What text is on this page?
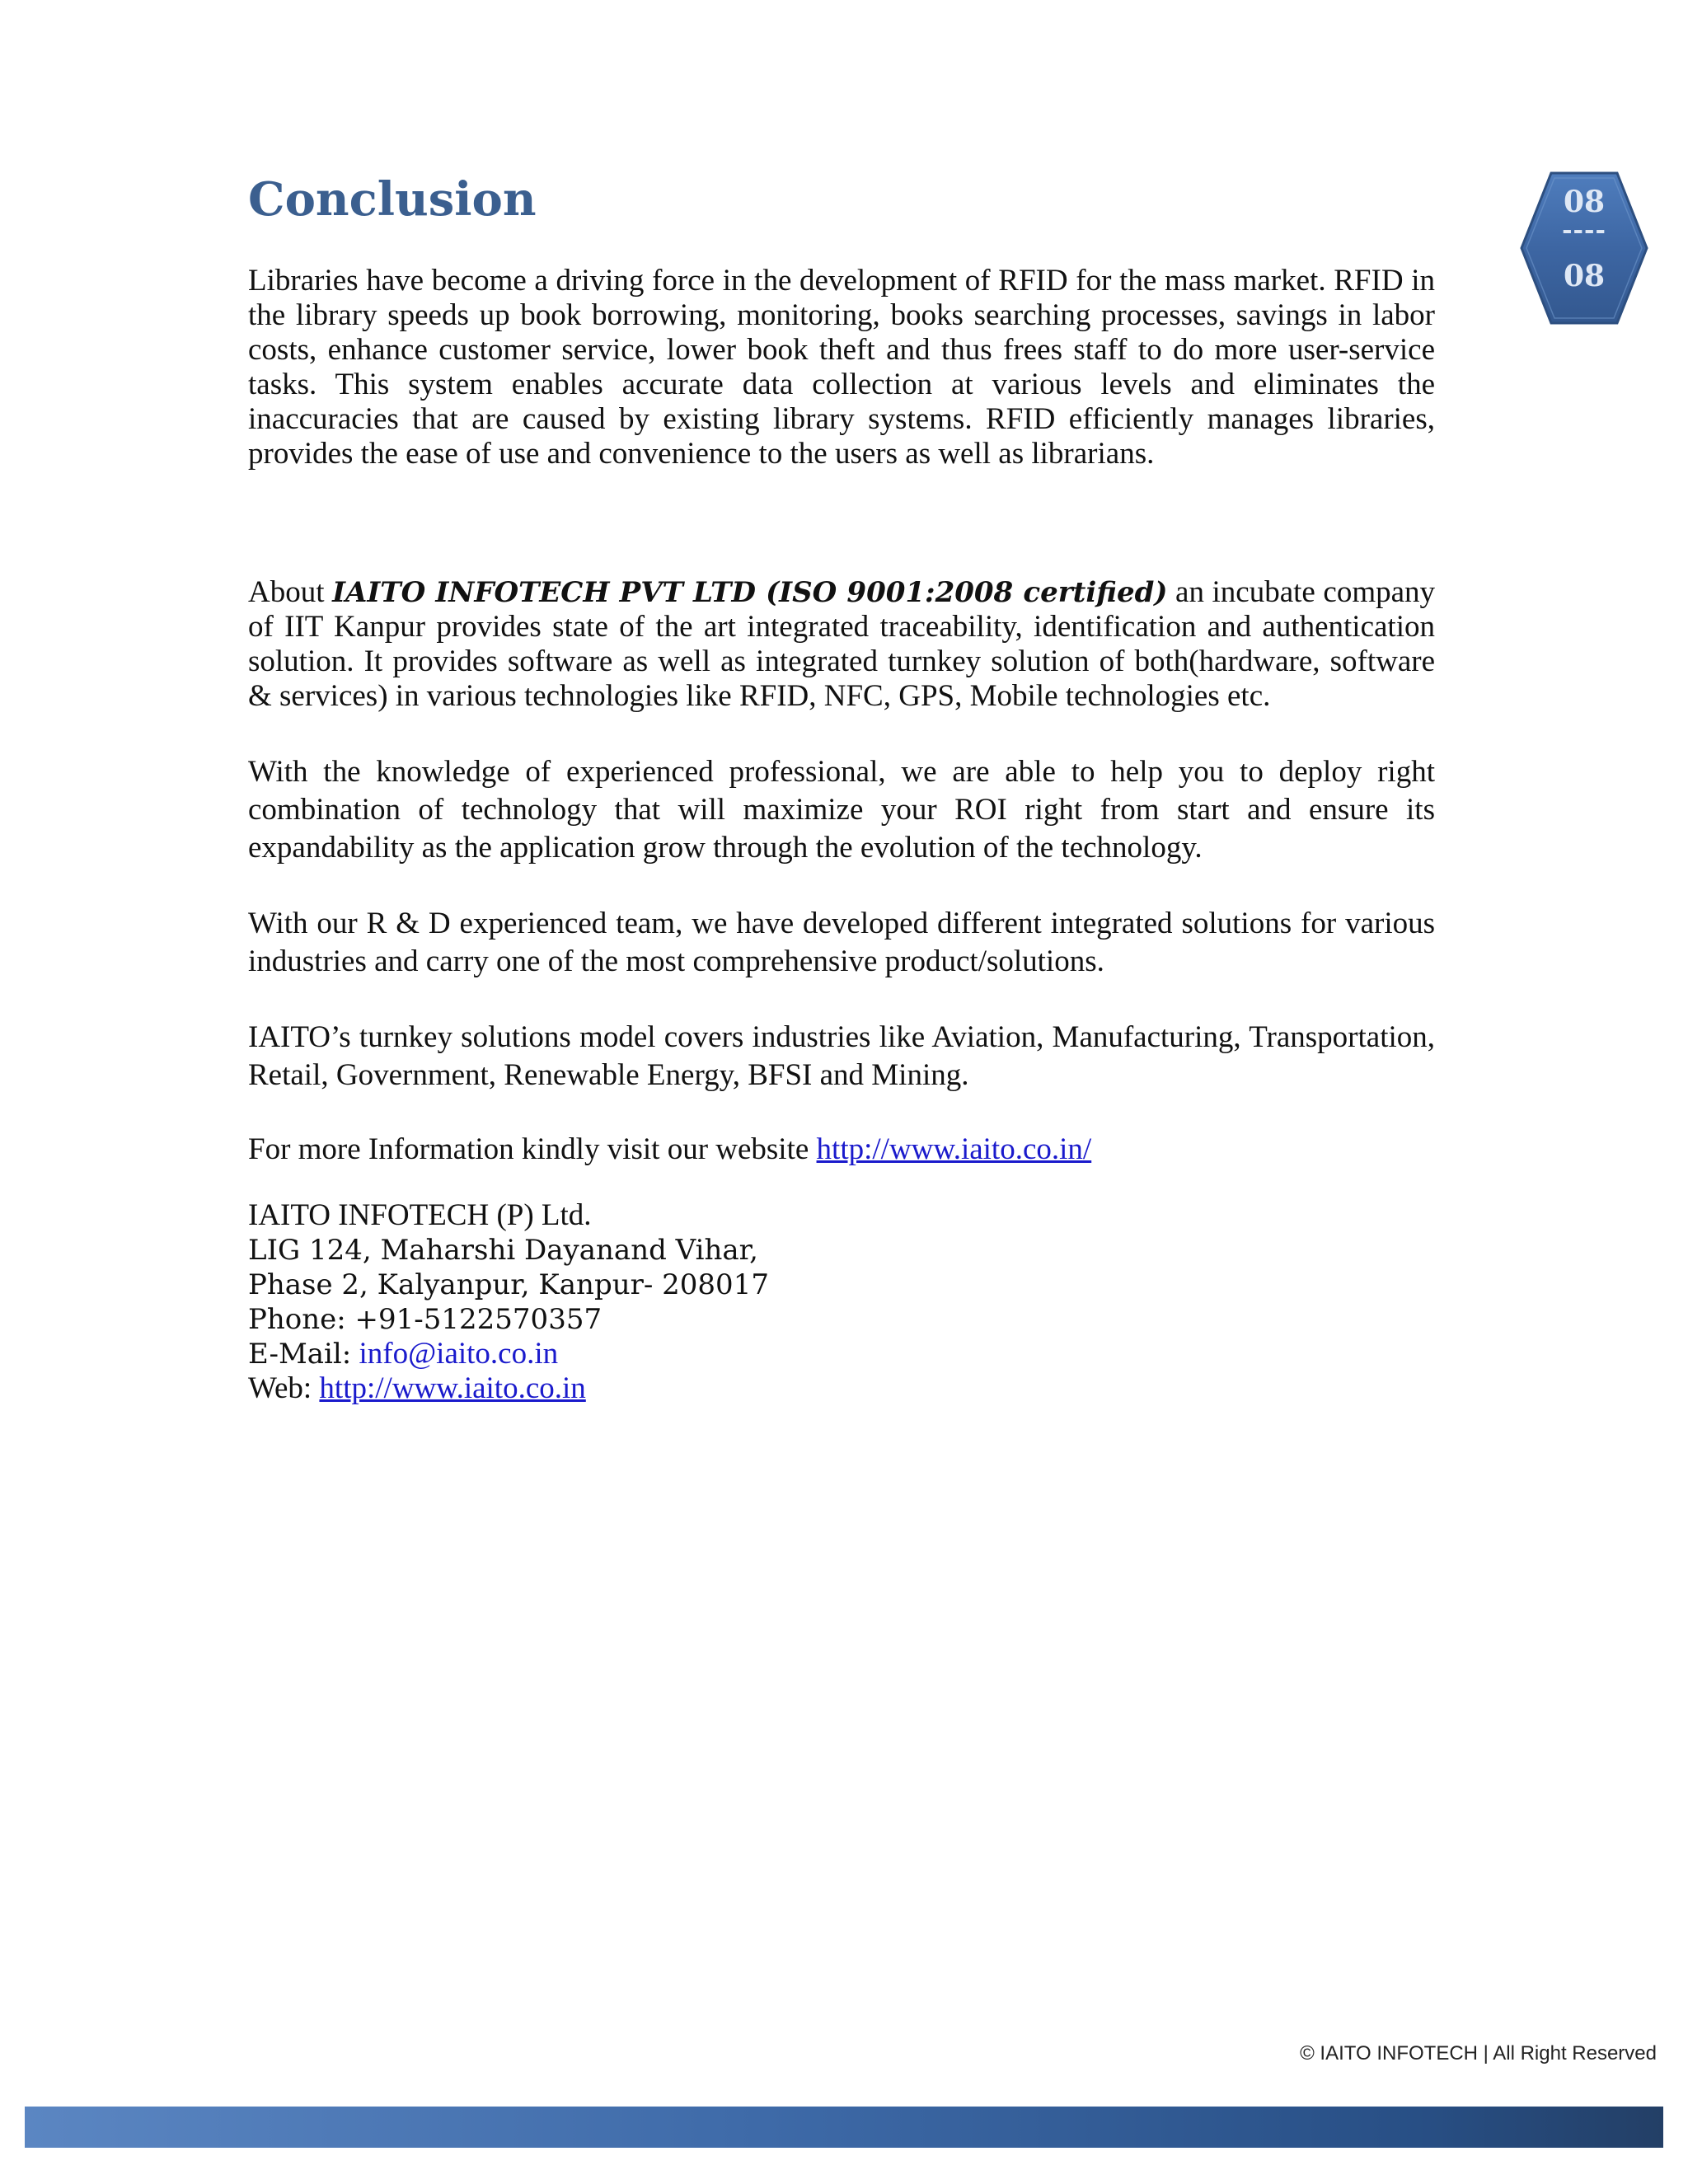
08
----
08
Conclusion

Libraries have become a driving force in the development of RFID for the mass market. RFID in the library speeds up book borrowing, monitoring, books searching processes, savings in labor costs, enhance customer service, lower book theft and thus frees staff to do more user-service tasks. This system enables accurate data collection at various levels and eliminates the inaccuracies that are caused by existing library systems. RFID efficiently manages libraries, provides the ease of use and convenience to the users as well as librarians.

About IAITO INFOTECH PVT LTD (ISO 9001:2008 certified) an incubate company of IIT Kanpur provides state of the art integrated traceability, identification and authentication solution. It provides software as well as integrated turnkey solution of both(hardware, software & services) in various technologies like RFID, NFC, GPS, Mobile technologies etc.

With the knowledge of experienced professional, we are able to help you to deploy right combination of technology that will maximize your ROI right from start and ensure its expandability as the application grow through the evolution of the technology.

With our R & D experienced team, we have developed different integrated solutions for various industries and carry one of the most comprehensive product/solutions.

IAITO’s turnkey solutions model covers industries like Aviation, Manufacturing, Transportation, Retail, Government, Renewable Energy, BFSI and Mining.

For more Information kindly visit our website http://www.iaito.co.in/

IAITO INFOTECH (P) Ltd.
LIG 124, Maharshi Dayanand Vihar,
Phase 2, Kalyanpur, Kanpur- 208017
Phone: +91-5122570357
E-Mail: info@iaito.co.in
Web: http://www.iaito.co.in
© IAITO INFOTECH | All Right Reserved
